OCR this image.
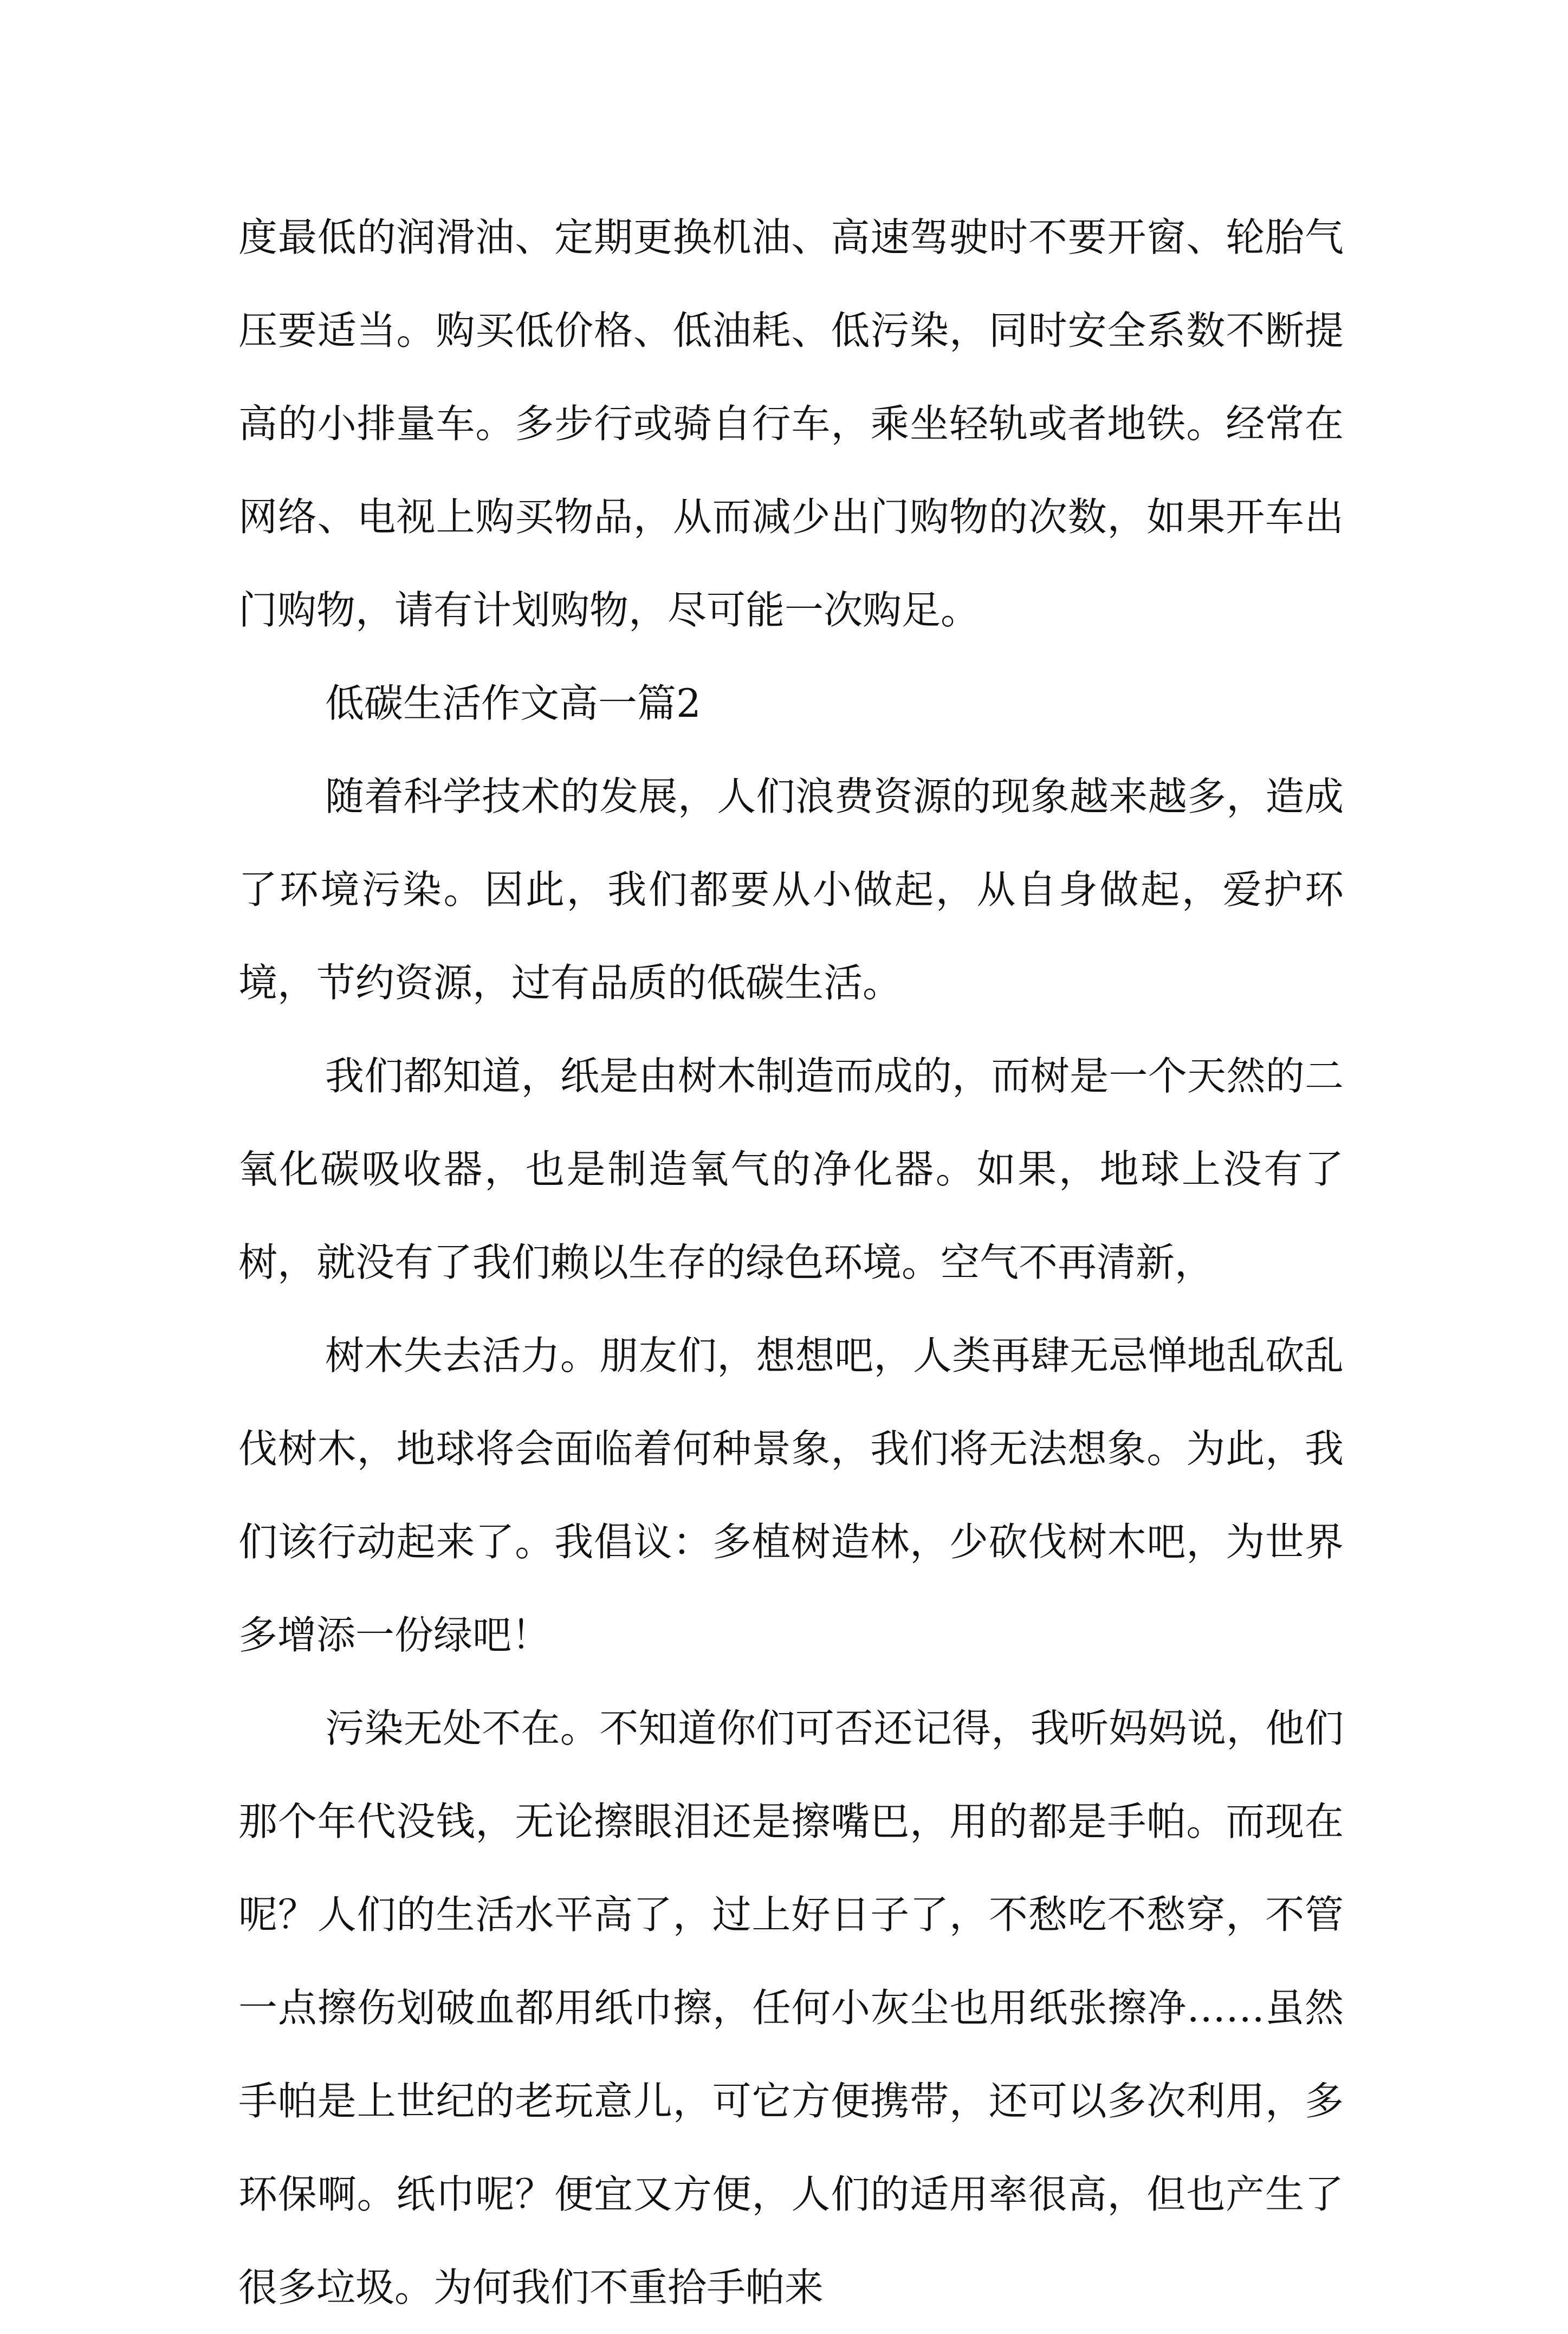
度最低的润滑油、定期更换机油、高速驾驶时不要开窗、轮胎气压要适当。购买低价格、低油耗、低污染，同时安全系数不断提高的小排量车。多步行或骑自行车，乘坐轻轨或者地铁。经常在网络、电视上购买物品，从而减少出门购物的次数，如果开车出门购物，请有计划购物，尽可能一次购足。

低碳生活作文高一篇2

随着科学技术的发展，人们浪费资源的现象越来越多，造成了环境污染。因此，我们都要从小做起，从自身做起，爱护环境，节约资源，过有品质的低碳生活。

我们都知道，纸是由树木制造而成的，而树是一个天然的二氧化碳吸收器，也是制造氧气的净化器。如果，地球上没有了树，就没有了我们赖以生存的绿色环境。空气不再清新，

树木失去活力。朋友们，想想吧，人类再肆无忌惮地乱砍乱伐树木，地球将会面临着何种景象，我们将无法想象。为此，我们该行动起来了。我倡议：多植树造林，少砍伐树木吧，为世界多增添一份绿吧！

污染无处不在。不知道你们可否还记得，我听妈妈说，他们那个年代没钱，无论擦眼泪还是擦嘴巴，用的都是手帕。而现在呢？人们的生活水平高了，过上好日子了，不愁吃不愁穿，不管一点擦伤划破血都用纸巾擦，任何小灰尘也用纸张擦净……虽然手帕是上世纪的老玩意儿，可它方便携带，还可以多次利用，多环保啊。纸巾呢？便宜又方便，人们的适用率很高，但也产生了很多垃圾。为何我们不重拾手帕来
